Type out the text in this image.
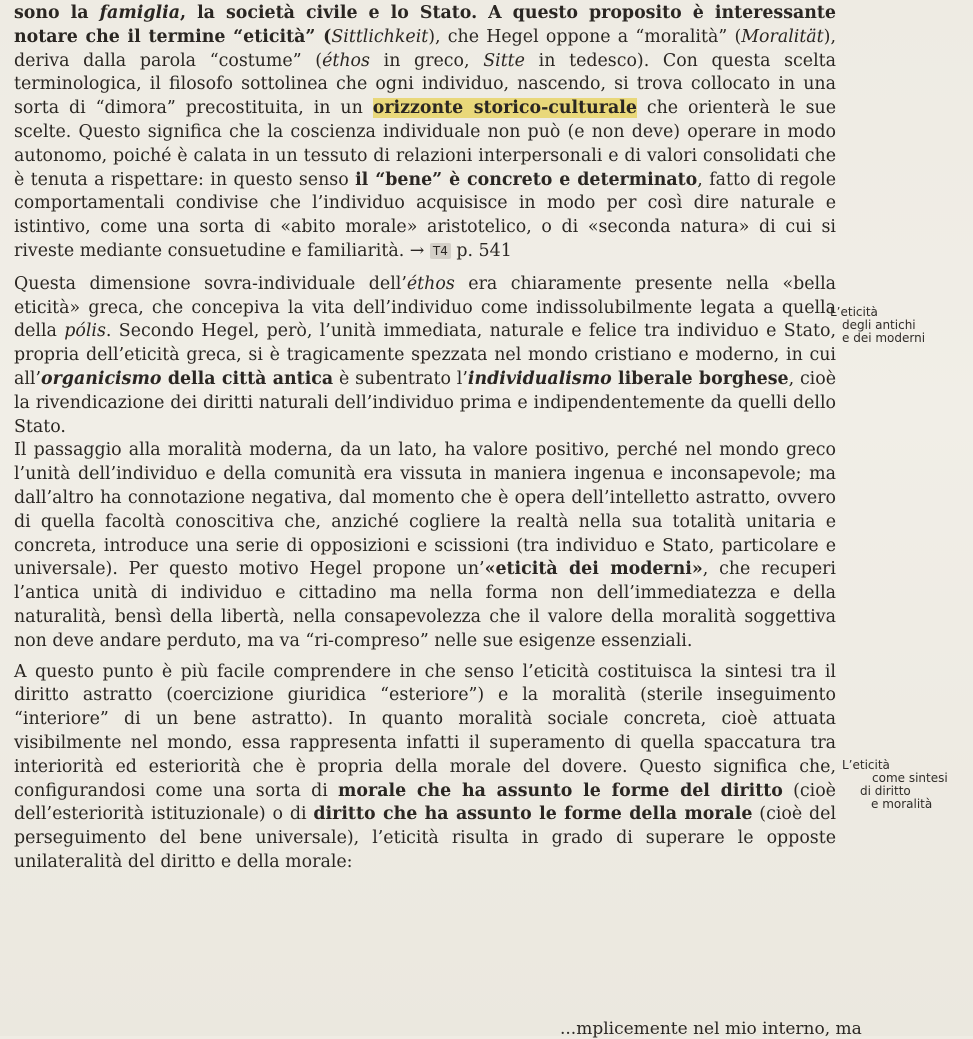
sono la famiglia, la società civile e lo Stato. A questo proposito è interessante notare che il termine “eticità” (Sittlichkeit), che Hegel oppone a “moralità” (Moralität), deriva dalla parola “costume” (éthos in greco, Sitte in tedesco). Con questa scelta terminologica, il filosofo sottolinea che ogni individuo, nascendo, si trova collocato in una sorta di “dimora” precostituita, in un orizzonte storico-culturale che orienterà le sue scelte. Questo significa che la coscienza individuale non può (e non deve) operare in modo autonomo, poiché è calata in un tessuto di relazioni interpersonali e di valori consolidati che è tenuta a rispettare: in questo senso il “bene” è concreto e determinato, fatto di regole comportamentali condivise che l’individuo acquisisce in modo per così dire naturale e istintivo, come una sorta di «abito morale» aristotelico, o di «seconda natura» di cui si riveste mediante consuetudine e familiarità. → T4 p. 541

Questa dimensione sovra-individuale dell’éthos era chiaramente presente nella «bella eticità» greca, che concepiva la vita dell’individuo come indissolubilmente legata a quella della pólis. Secondo Hegel, però, l’unità immediata, naturale e felice tra individuo e Stato, propria dell’eticità greca, si è tragicamente spezzata nel mondo cristiano e moderno, in cui all’organicismo della città antica è subentrato l’individualismo liberale borghese, cioè la rivendicazione dei diritti naturali dell’individuo prima e indipendentemente da quelli dello Stato.

Il passaggio alla moralità moderna, da un lato, ha valore positivo, perché nel mondo greco l’unità dell’individuo e della comunità era vissuta in maniera ingenua e inconsapevole; ma dall’altro ha connotazione negativa, dal momento che è opera dell’intelletto astratto, ovvero di quella facoltà conoscitiva che, anziché cogliere la realtà nella sua totalità unitaria e concreta, introduce una serie di opposizioni e scissioni (tra individuo e Stato, particolare e universale). Per questo motivo Hegel propone un’«eticità dei moderni», che recuperi l’antica unità di individuo e cittadino ma nella forma non dell’immediatezza e della naturalità, bensì della libertà, nella consapevolezza che il valore della moralità soggettiva non deve andare perduto, ma va “ri-compreso” nelle sue esigenze essenziali.

A questo punto è più facile comprendere in che senso l’eticità costituisca la sintesi tra il diritto astratto (coercizione giuridica “esteriore”) e la moralità (sterile inseguimento “interiore” di un bene astratto). In quanto moralità sociale concreta, cioè attuata visibilmente nel mondo, essa rappresenta infatti il superamento di quella spaccatura tra interiorità ed esteriorità che è propria della morale del dovere. Questo significa che, configurandosi come una sorta di morale che ha assunto le forme del diritto (cioè dell’esteriorità istituzionale) o di diritto che ha assunto le forme della morale (cioè del perseguimento del bene universale), l’eticità risulta in grado di superare le opposte unilateralità del diritto e della morale:

L’eticità
degli antichi
e dei moderni
L’eticità
come sintesi
di diritto
e moralità
...mplicemente nel mio interno, ma
